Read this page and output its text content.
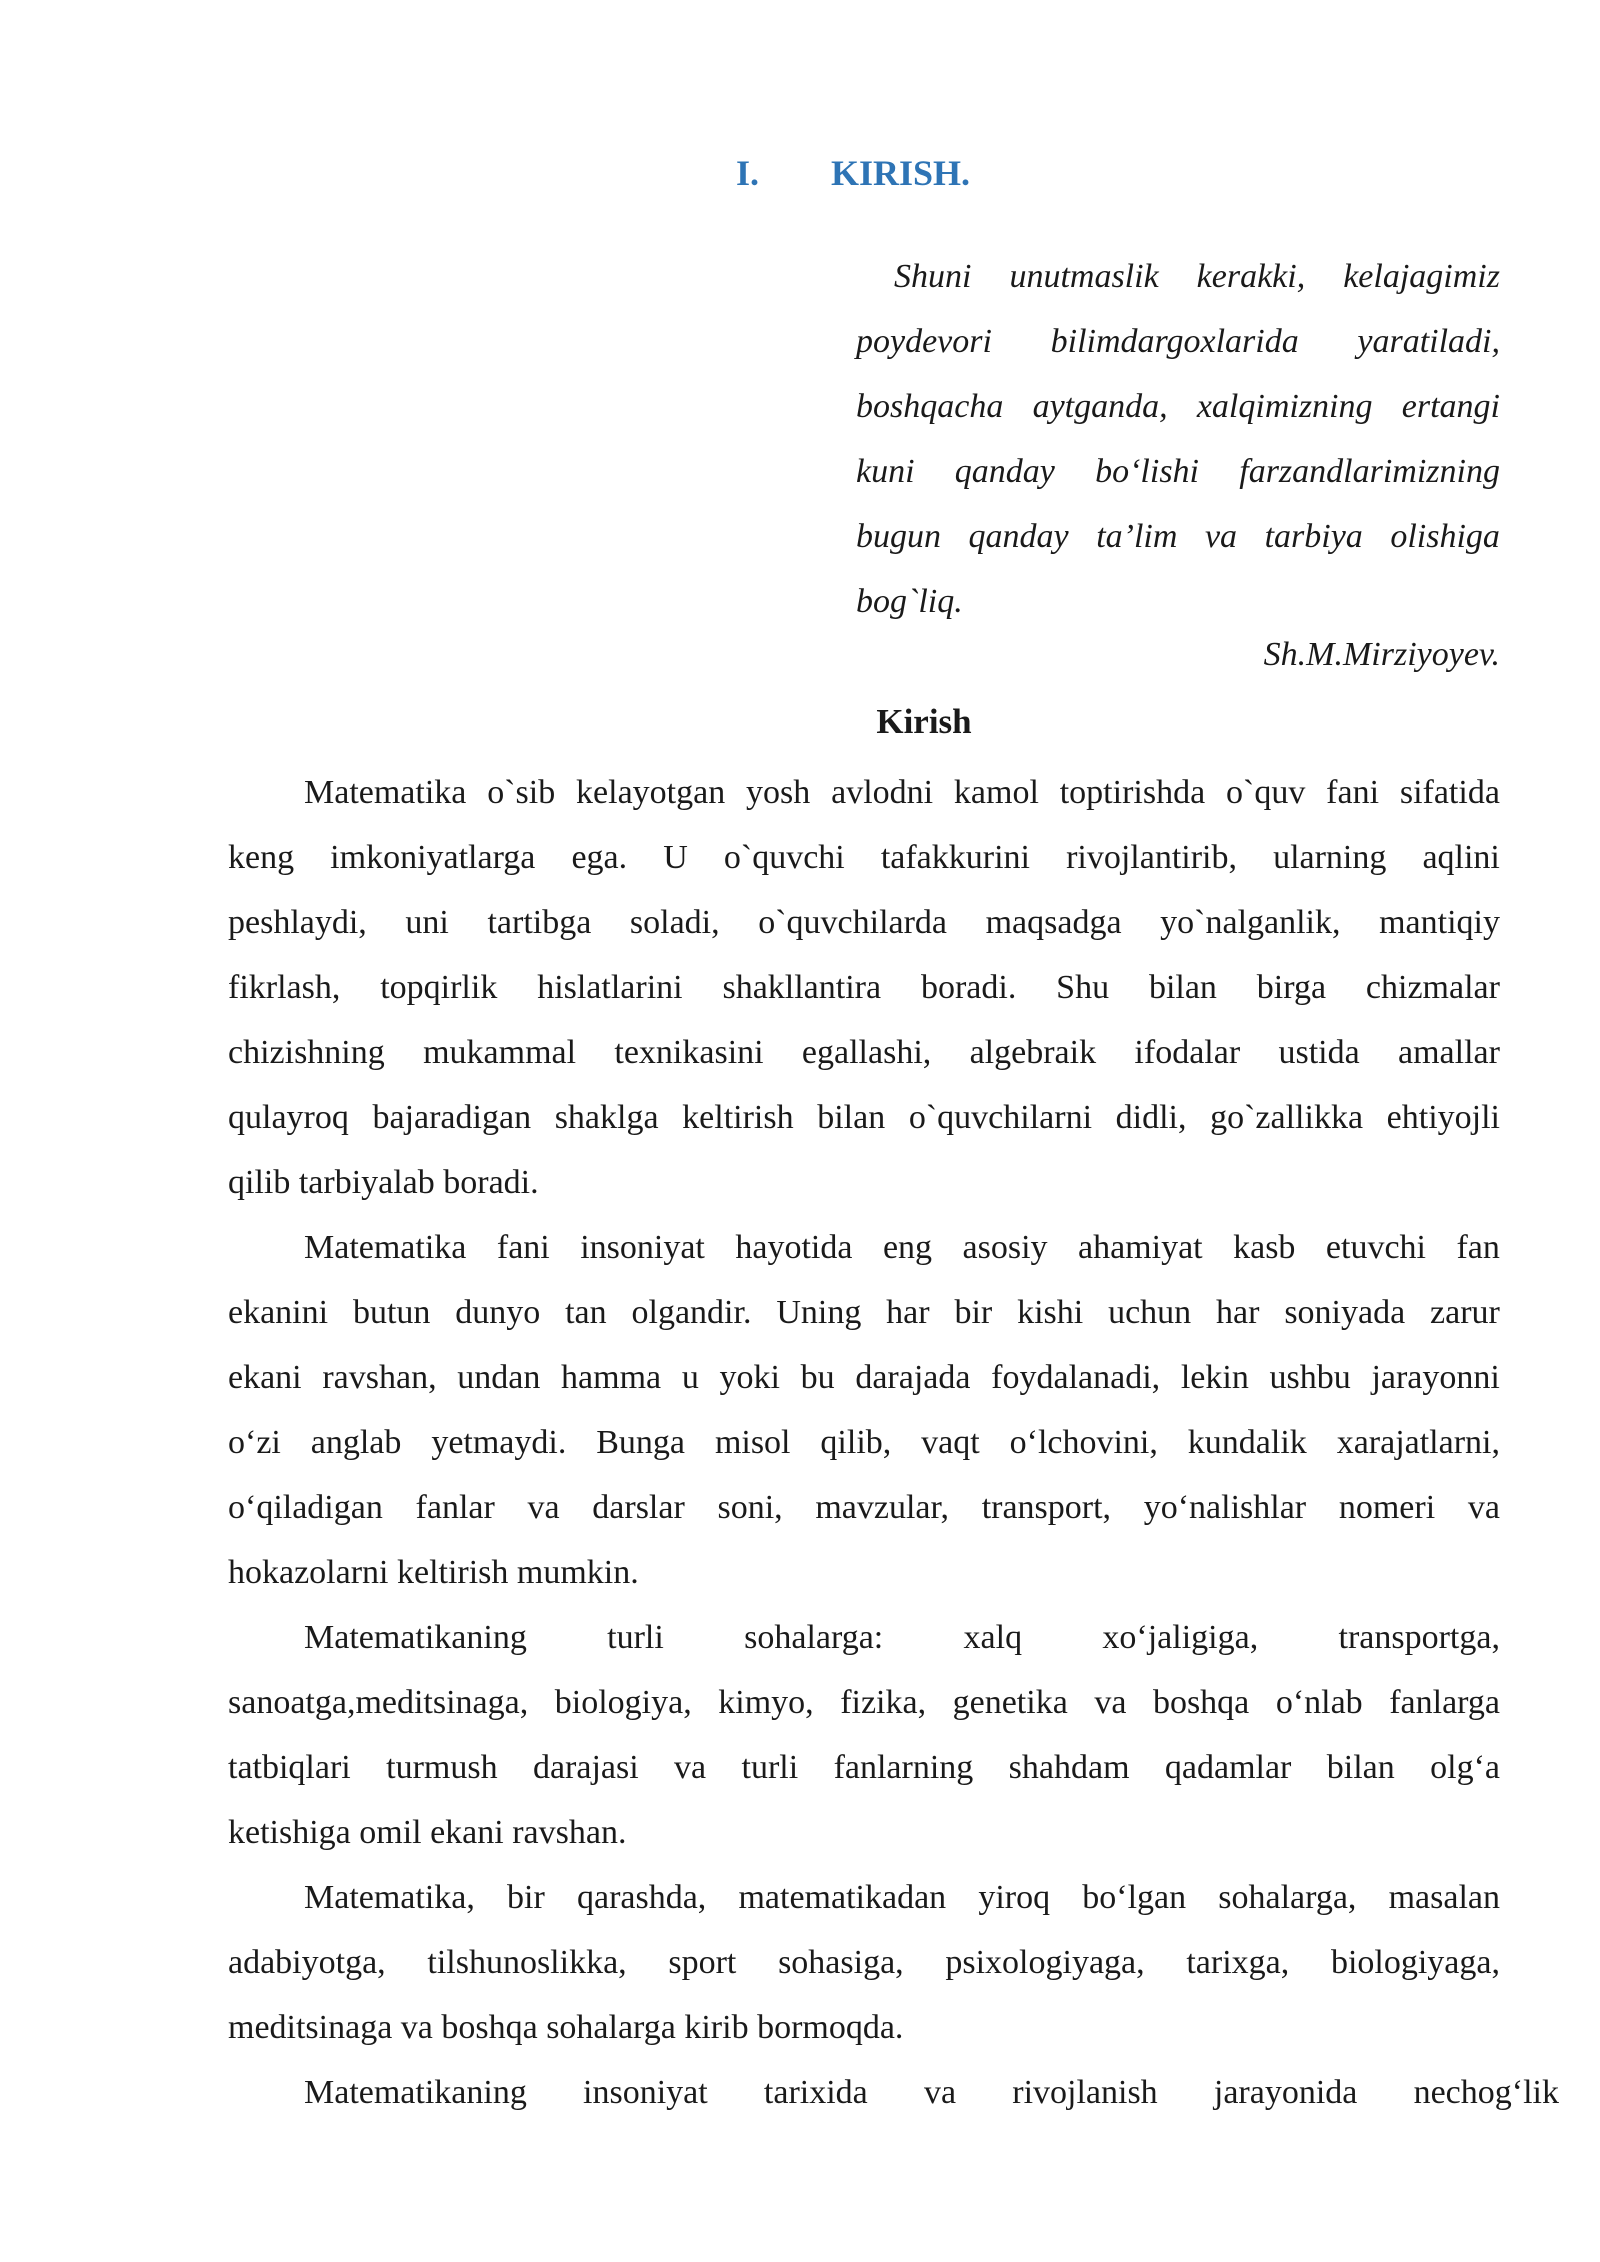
I. KIRISH.
Shuni unutmaslik kerakki, kelajagimiz
poydevori bilimdargoxlarida yaratiladi,
boshqacha aytganda, xalqimizning ertangi
kuni qanday bo‘lishi farzandlarimizning
bugun qanday ta’lim va tarbiya olishiga
bog`liq.
Sh.M.Mirziyoyev.
Kirish
Matematika o`sib kelayotgan yosh avlodni kamol toptirishda o`quv fani sifatida
keng imkoniyatlarga ega. U o`quvchi tafakkurini rivojlantirib, ularning aqlini
peshlaydi, uni tartibga soladi, o`quvchilarda maqsadga yo`nalganlik, mantiqiy
fikrlash, topqirlik hislatlarini shakllantira boradi. Shu bilan birga chizmalar
chizishning mukammal texnikasini egallashi, algebraik ifodalar ustida amallar
qulayroq bajaradigan shaklga keltirish bilan o`quvchilarni didli, go`zallikka ehtiyojli
qilib tarbiyalab boradi.
Matematika fani insoniyat hayotida eng asosiy ahamiyat kasb etuvchi fan
ekanini butun dunyo tan olgandir. Uning har bir kishi uchun har soniyada zarur
ekani ravshan, undan hamma u yoki bu darajada foydalanadi, lekin ushbu jarayonni
o‘zi anglab yetmaydi. Bunga misol qilib, vaqt o‘lchovini, kundalik xarajatlarni,
o‘qiladigan fanlar va darslar soni, mavzular, transport, yo‘nalishlar nomeri va
hokazolarni keltirish mumkin.
Matematikaning turli sohalarga: xalq xo‘jaligiga, transportga,
sanoatga,meditsinaga, biologiya, kimyo, fizika, genetika va boshqa o‘nlab fanlarga
tatbiqlari turmush darajasi va turli fanlarning shahdam qadamlar bilan olg‘a
ketishiga omil ekani ravshan.
Matematika, bir qarashda, matematikadan yiroq bo‘lgan sohalarga, masalan
adabiyotga, tilshunoslikka, sport sohasiga, psixologiyaga, tarixga, biologiyaga,
meditsinaga va boshqa sohalarga kirib bormoqda.
Matematikaning insoniyat tarixida va rivojlanish jarayonida nechog‘lik
